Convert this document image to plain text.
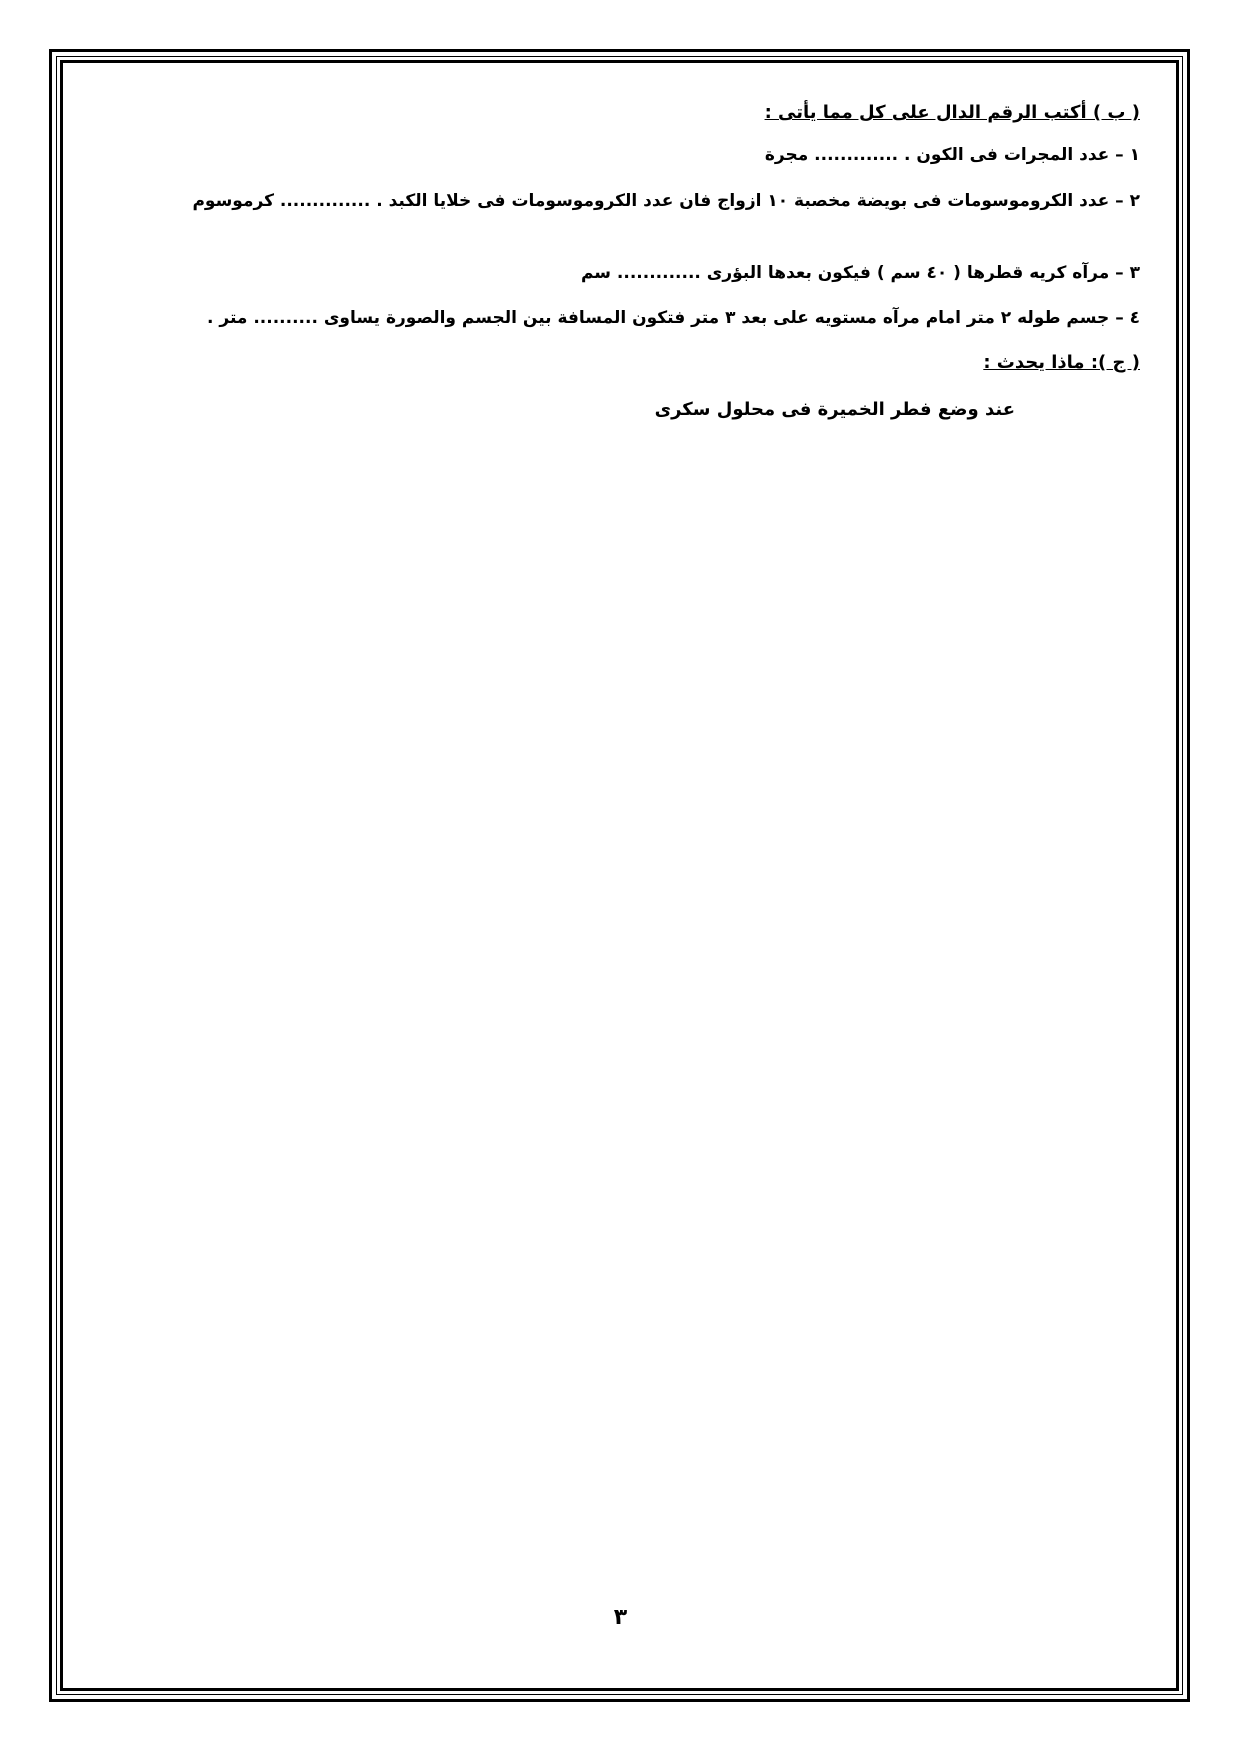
( ب ) أكتب الرقم الدال على كل مما يأتى :
١ – عدد المجرات فى الكون . ............. مجرة
٢ – عدد الكروموسومات فى بويضة مخصبة ١٠ ازواج فان عدد الكروموسومات فى خلايا الكبد . .............. كرموسوم
٣ – مرآه كريه قطرها ( ٤٠ سم ) فيكون بعدها البؤرى ............. سم
٤ – جسم طوله ٢ متر امام مرآه مستويه على بعد ٣ متر فتكون المسافة بين الجسم والصورة يساوى .......... متر .
( ج ): ماذا يحدث :
عند وضع فطر الخميرة فى محلول سكرى
٣
